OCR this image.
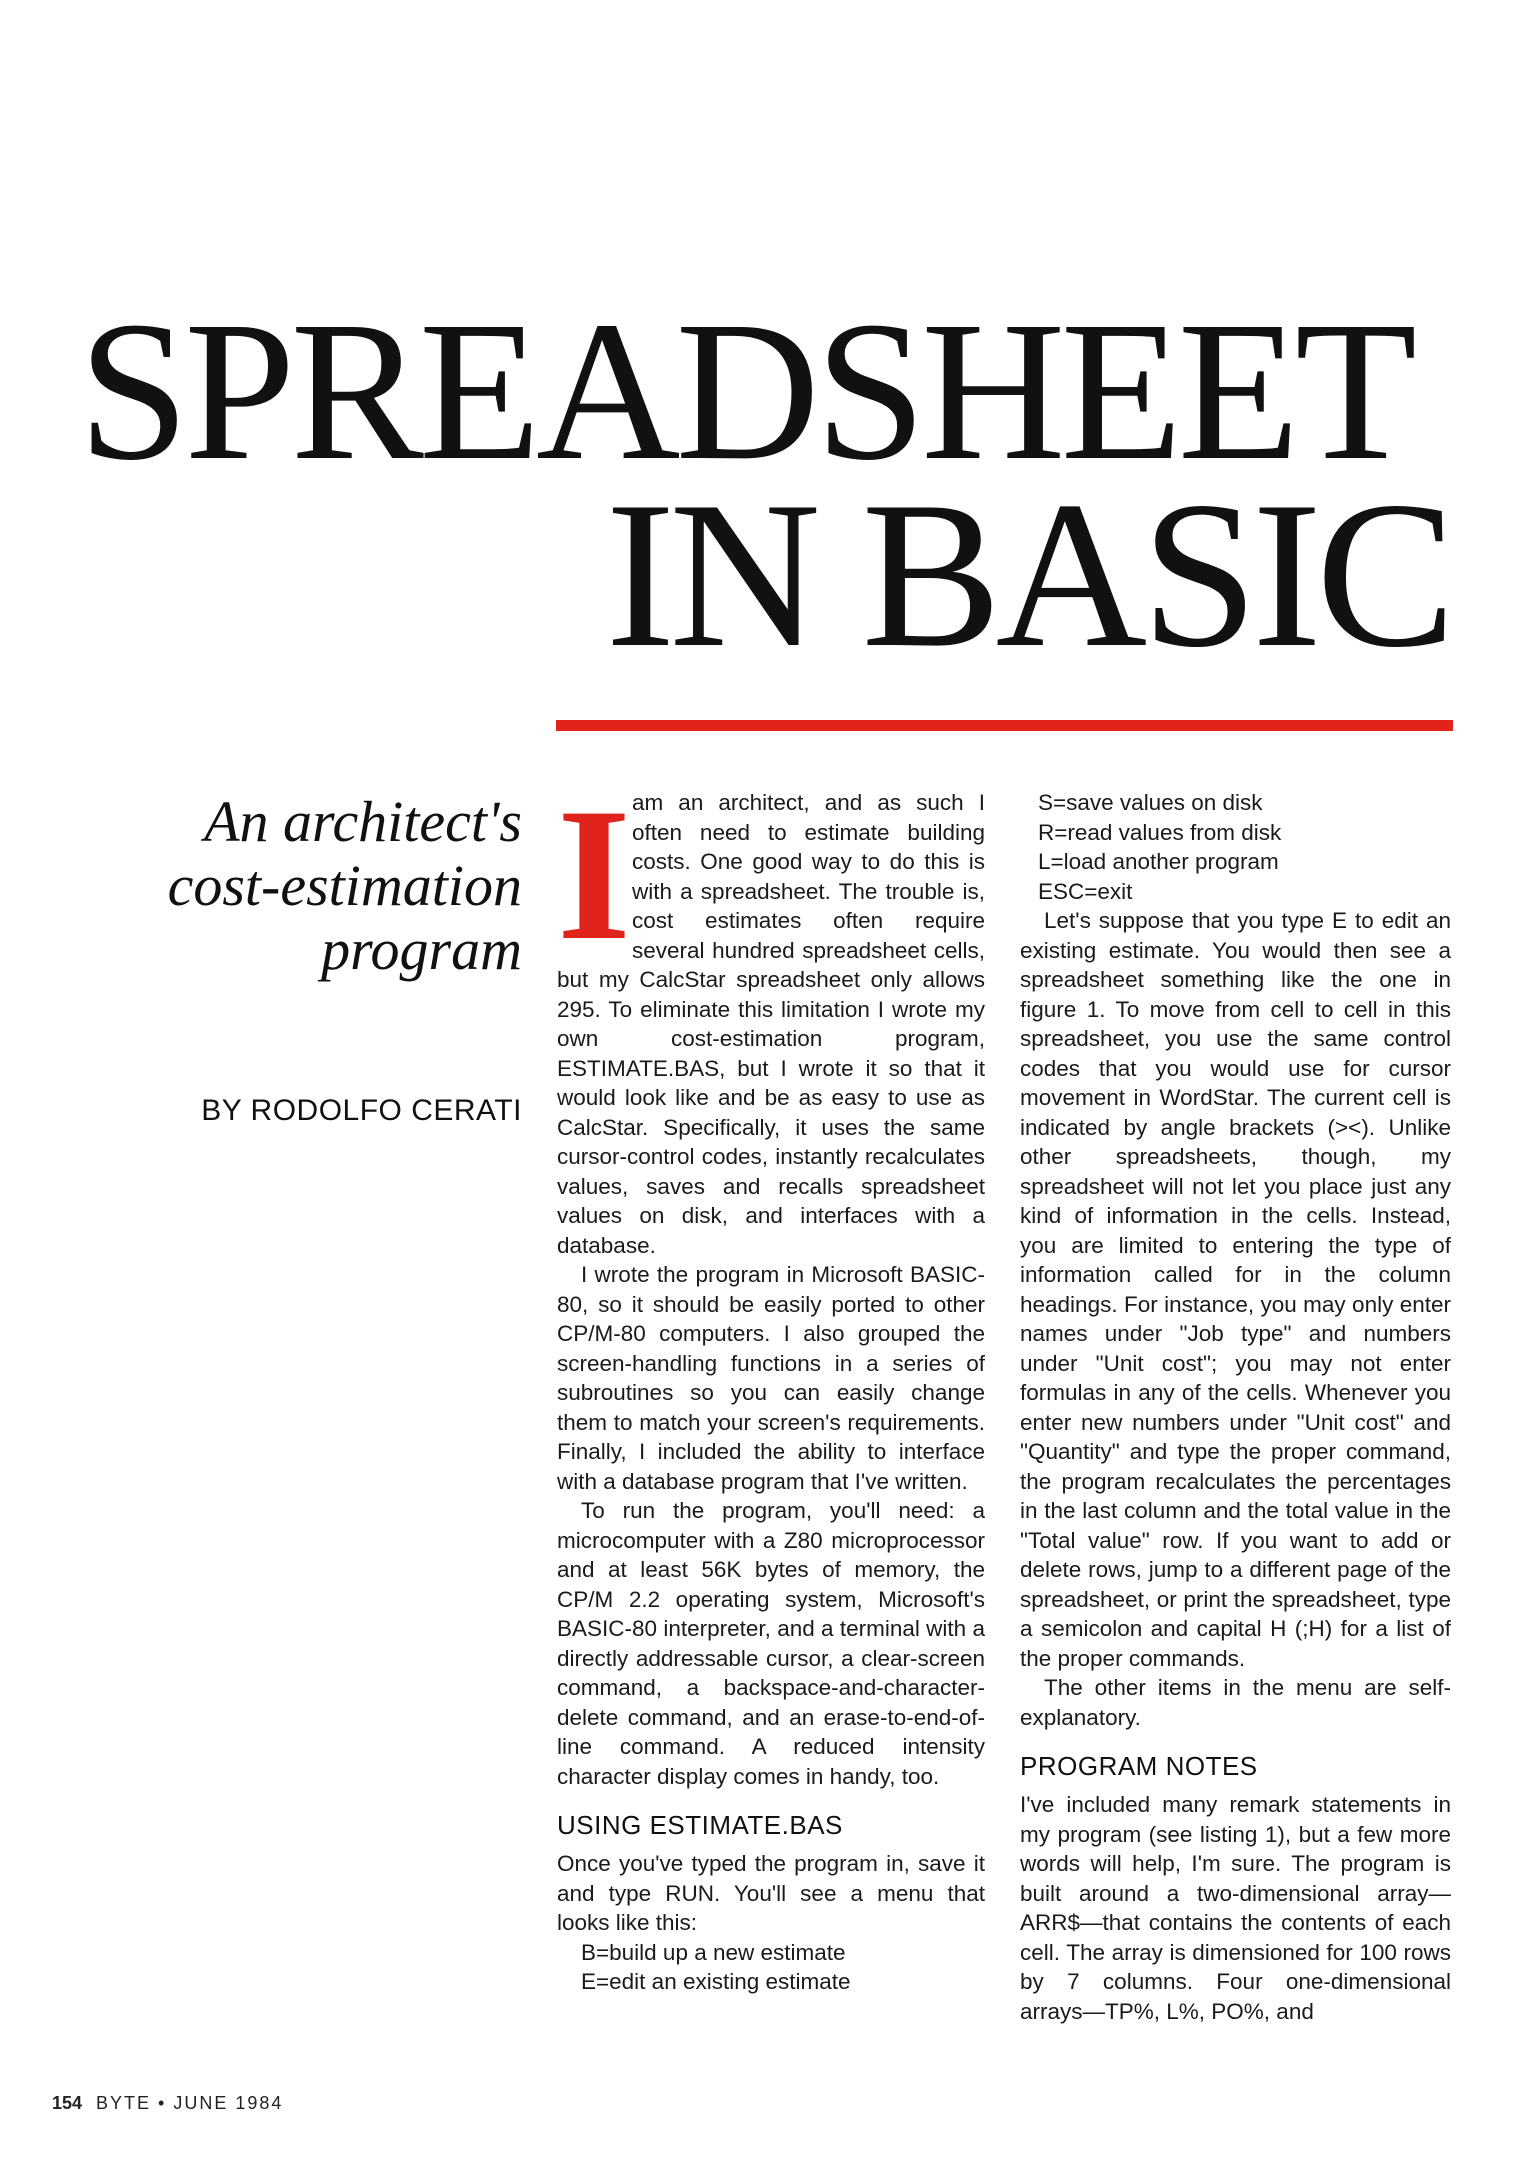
SPREADSHEET
IN BASIC
An architect's
cost-estimation
program
BY RODOLFO CERATI
I am an architect, and as such I often need to estimate building costs. One good way to do this is with a spreadsheet. The trouble is, cost estimates often require several hundred spreadsheet cells, but my CalcStar spreadsheet only allows 295. To eliminate this limitation I wrote my own cost-estimation program, ESTIMATE.BAS, but I wrote it so that it would look like and be as easy to use as CalcStar. Specifically, it uses the same cursor-control codes, instantly recalculates values, saves and recalls spreadsheet values on disk, and interfaces with a database.

I wrote the program in Microsoft BASIC-80, so it should be easily ported to other CP/M-80 computers. I also grouped the screen-handling functions in a series of subroutines so you can easily change them to match your screen's requirements. Finally, I included the ability to interface with a database program that I've written.

To run the program, you'll need: a microcomputer with a Z80 microprocessor and at least 56K bytes of memory, the CP/M 2.2 operating system, Microsoft's BASIC-80 interpreter, and a terminal with a directly addressable cursor, a clear-screen command, a backspace-and-character-delete command, and an erase-to-end-of-line command. A reduced intensity character display comes in handy, too.

USING ESTIMATE.BAS

Once you've typed the program in, save it and type RUN. You'll see a menu that looks like this:

B=build up a new estimate
E=edit an existing estimate
S=save values on disk
R=read values from disk
L=load another program
ESC=exit

Let's suppose that you type E to edit an existing estimate. You would then see a spreadsheet something like the one in figure 1. To move from cell to cell in this spreadsheet, you use the same control codes that you would use for cursor movement in WordStar. The current cell is indicated by angle brackets (><). Unlike other spreadsheets, though, my spreadsheet will not let you place just any kind of information in the cells. Instead, you are limited to entering the type of information called for in the column headings. For instance, you may only enter names under "Job type" and numbers under "Unit cost"; you may not enter formulas in any of the cells. Whenever you enter new numbers under "Unit cost" and "Quantity" and type the proper command, the program recalculates the percentages in the last column and the total value in the "Total value" row. If you want to add or delete rows, jump to a different page of the spreadsheet, or print the spreadsheet, type a semicolon and capital H (;H) for a list of the proper commands.

The other items in the menu are self-explanatory.

PROGRAM NOTES

I've included many remark statements in my program (see listing 1), but a few more words will help, I'm sure. The program is built around a two-dimensional array—ARR$—that contains the contents of each cell. The array is dimensioned for 100 rows by 7 columns. Four one-dimensional arrays—TP%, L%, PO%, and

154 BYTE • JUNE 1984
